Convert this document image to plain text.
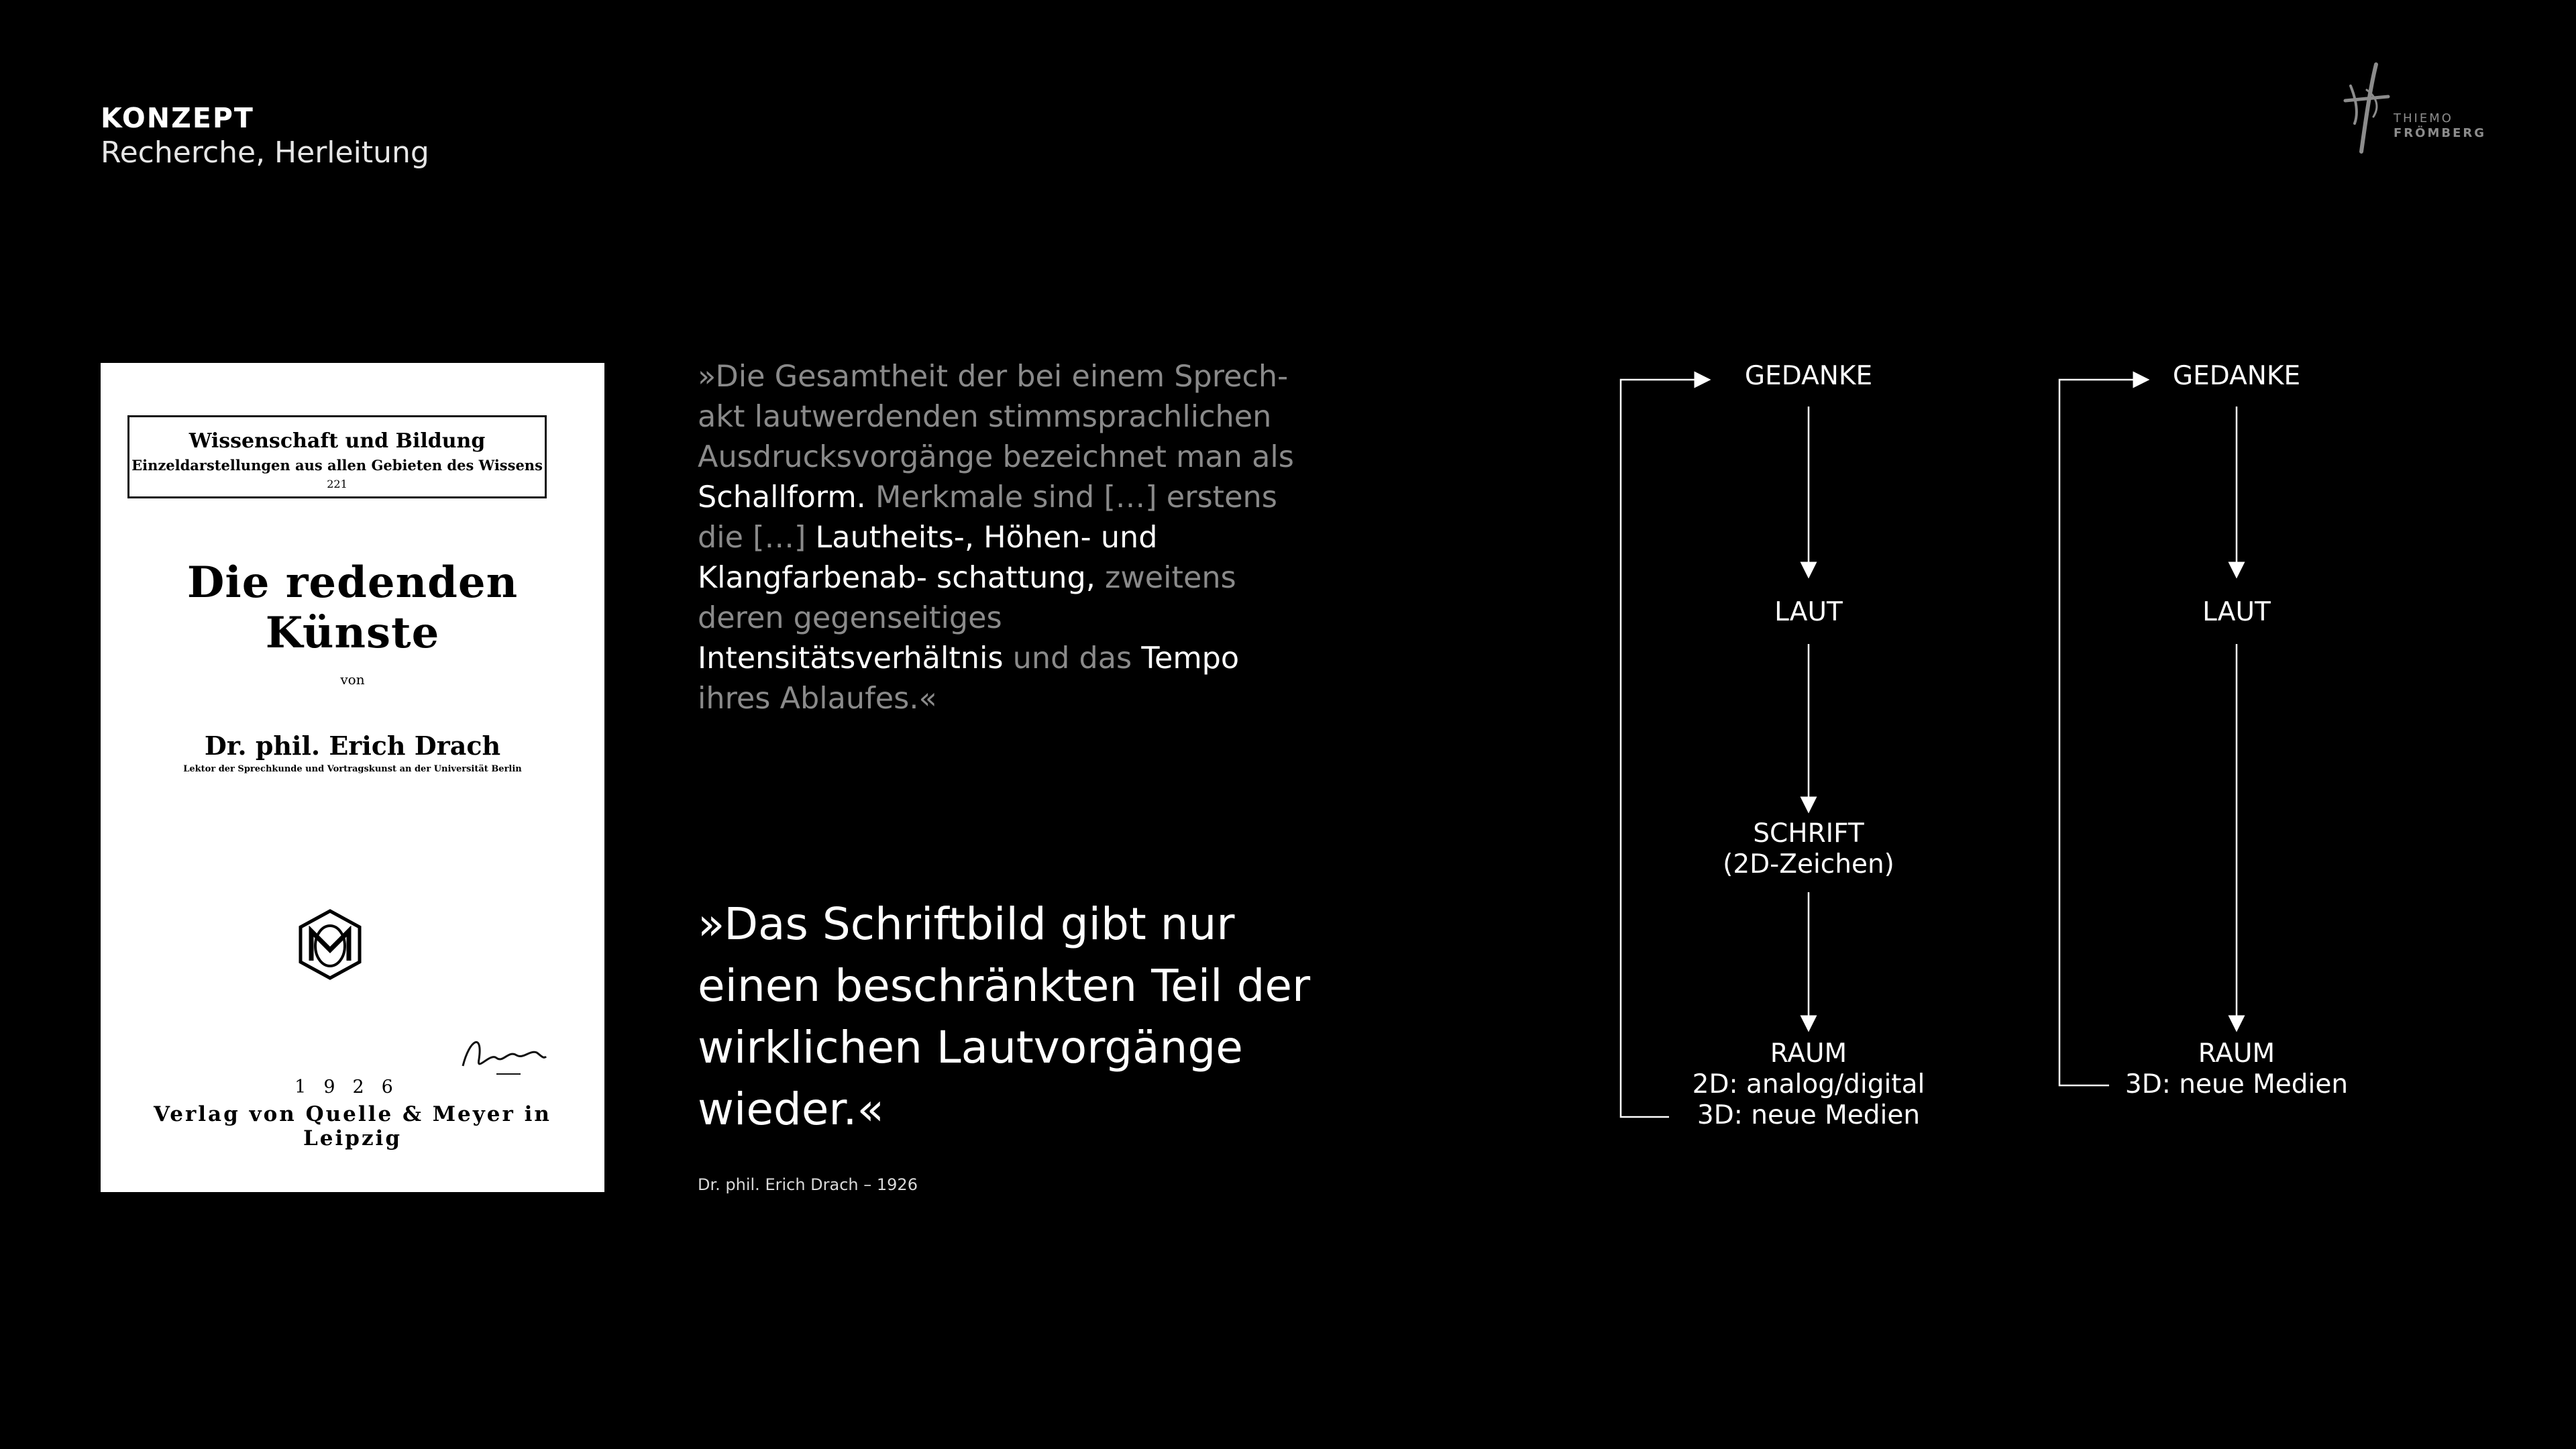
KONZEPT
Recherche, Herleitung
THIEMO
FRÖMBERG
Wissenschaft und Bildung
Einzeldarstellungen aus allen Gebieten des Wissens
221
Die redenden Künste
von
Dr. phil. Erich Drach
Lektor der Sprechkunde und Vortragskunst an der Universität Berlin
1926
Verlag von Quelle & Meyer in Leipzig
»Die Gesamtheit der bei einem Sprech- akt lautwerdenden stimmsprachlichen Ausdrucksvorgänge bezeichnet man als Schallform. Merkmale sind […] erstens die […] Lautheits-, Höhen- und Klangfarbenab- schattung, zweitens deren gegenseitiges Intensitätsverhältnis und das Tempo ihres Ablaufes.«
»Das Schriftbild gibt nur einen beschränkten Teil der wirklichen Lautvorgänge wieder.«
Dr. phil. Erich Drach – 1926
GEDANKE
LAUT
SCHRIFT
(2D-Zeichen)
RAUM
2D: analog/digital
3D: neue Medien
GEDANKE
LAUT
RAUM
3D: neue Medien
